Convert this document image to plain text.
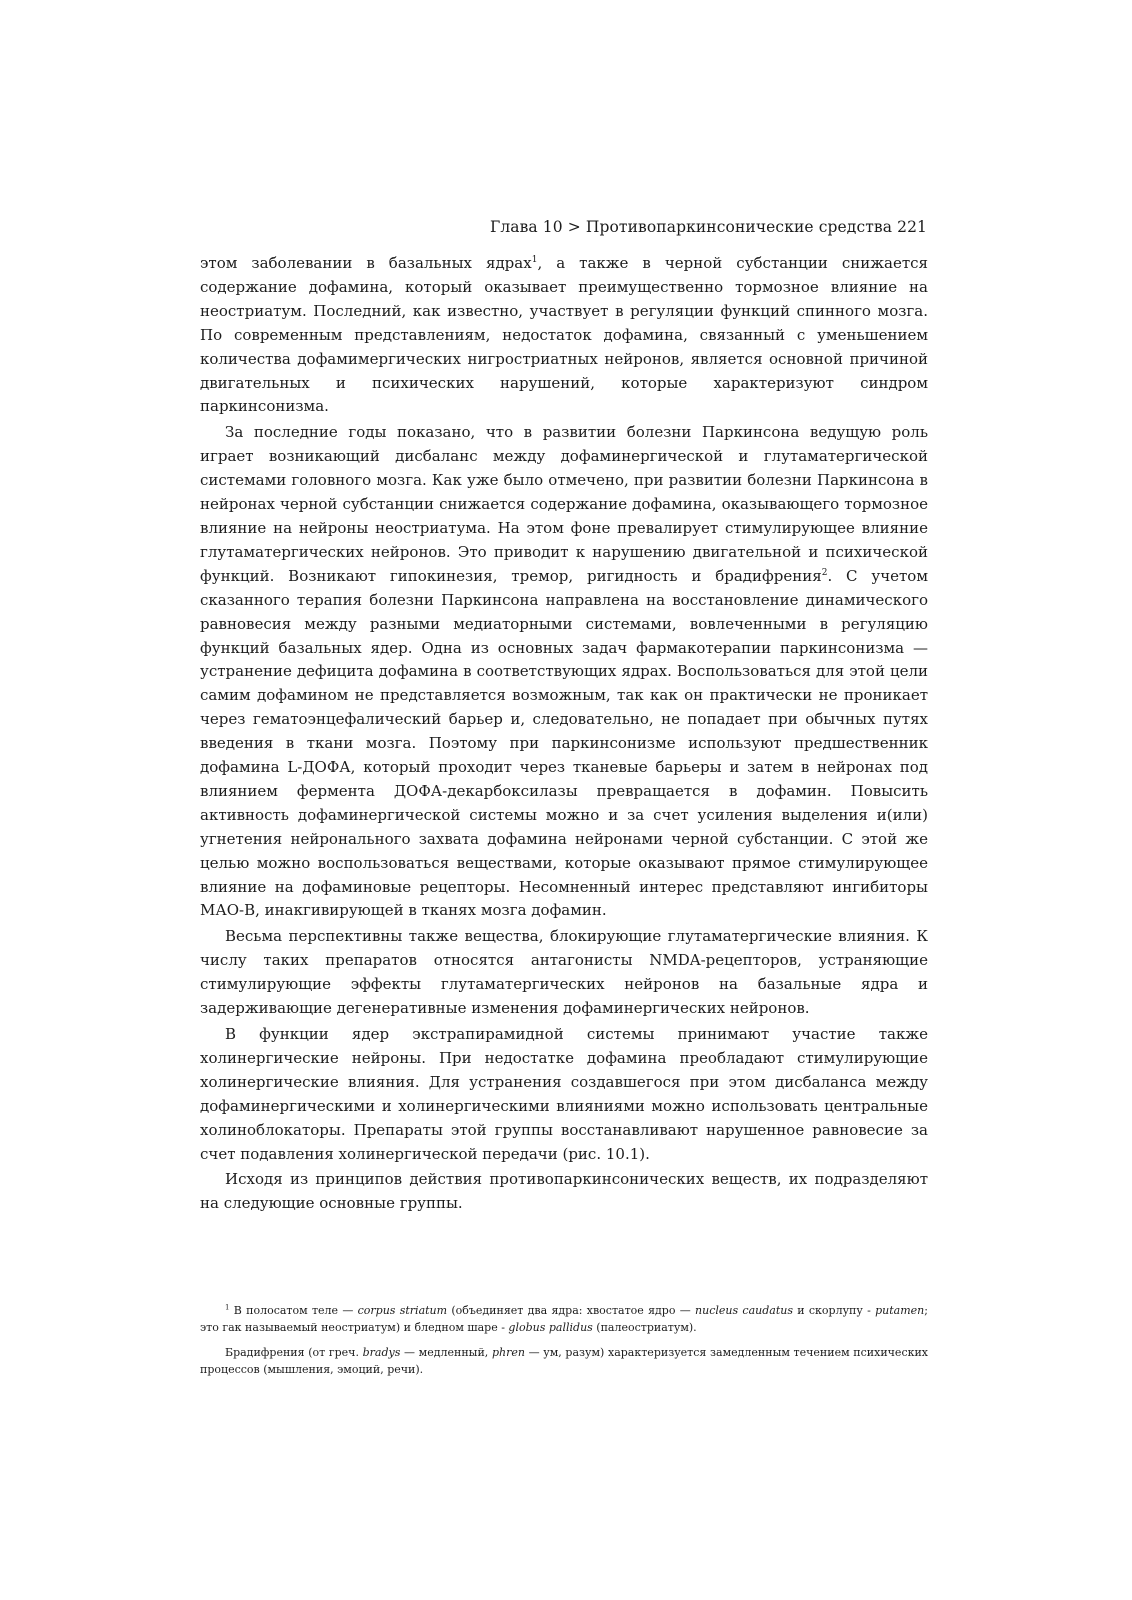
Глава 10 > Противопаркинсонические средства 221

этом заболевании в базальных ядрах$^1$, а также в черной субстанции снижается содержание дофамина, который оказывает преимущественно тормозное влияние на неостриатум. Последний, как известно, участвует в регуляции функций спинного мозга. По современным представлениям, недостаток дофамина, связанный с уменьшением количества дофамимергических нигростриатных нейронов, является основной причиной двигательных и психических нарушений, которые характеризуют синдром паркинсонизма.

За последние годы показано, что в развитии болезни Паркинсона ведущую роль играет возникающий дисбаланс между дофаминергической и глутаматергической системами головного мозга. Как уже было отмечено, при развитии болезни Паркинсона в нейронах черной субстанции снижается содержание дофамина, оказывающего тормозное влияние на нейроны неостриатума. На этом фоне превалирует стимулирующее влияние глутаматергических нейронов. Это приводит к нарушению двигательной и психической функций. Возникают гипокинезия, тремор, ригидность и брадифрения$^2$. С учетом сказанного терапия болезни Паркинсона направлена на восстановление динамического равновесия между разными медиаторными системами, вовлеченными в регуляцию функций базальных ядер. Одна из основных задач фармакотерапии паркинсонизма — устранение дефицита дофамина в соответствующих ядрах. Воспользоваться для этой цели самим дофамином не представляется возможным, так как он практически не проникает через гематоэнцефалический барьер и, следовательно, не попадает при обычных путях введения в ткани мозга. Поэтому при паркинсонизме используют предшественник дофамина L-ДОФА, который проходит через тканевые барьеры и затем в нейронах под влиянием фермента ДОФА-декарбоксилазы превращается в дофамин. Повысить активность дофаминергической системы можно и за счет усиления выделения и(или) угнетения нейронального захвата дофамина нейронами черной субстанции. С этой же целью можно воспользоваться веществами, которые оказывают прямое стимулирующее влияние на дофаминовые рецепторы. Несомненный интерес представляют ингибиторы МАО-В, инакгивирующей в тканях мозга дофамин.

Весьма перспективны также вещества, блокирующие глутаматергические влияния. К числу таких препаратов относятся антагонисты NMDA-рецепторов, устраняющие стимулирующие эффекты глутаматергических нейронов на базальные ядра и задерживающие дегенеративные изменения дофаминергических нейронов.

В функции ядер экстрапирамидной системы принимают участие также холинергические нейроны. При недостатке дофамина преобладают стимулирующие холинергические влияния. Для устранения создавшегося при этом дисбаланса между дофаминергическими и холинергическими влияниями можно использовать центральные холиноблокаторы. Препараты этой группы восстанавливают нарушенное равновесие за счет подавления холинергической передачи (рис. 10.1).

Исходя из принципов действия противопаркинсонических веществ, их подразделяют на следующие основные группы.

$^1$ В полосатом теле — corpus striatum (объединяет два ядра: хвостатое ядро — nucleus caudatus и скорлупу - putamen; это гак называемый неостриатум) и бледном шаре - globus pallidus (палеостриатум).

Брадифрения (от греч. bradys — медленный, phren — ум, разум) характеризуется замедленным течением психических процессов (мышления, эмоций, речи).
